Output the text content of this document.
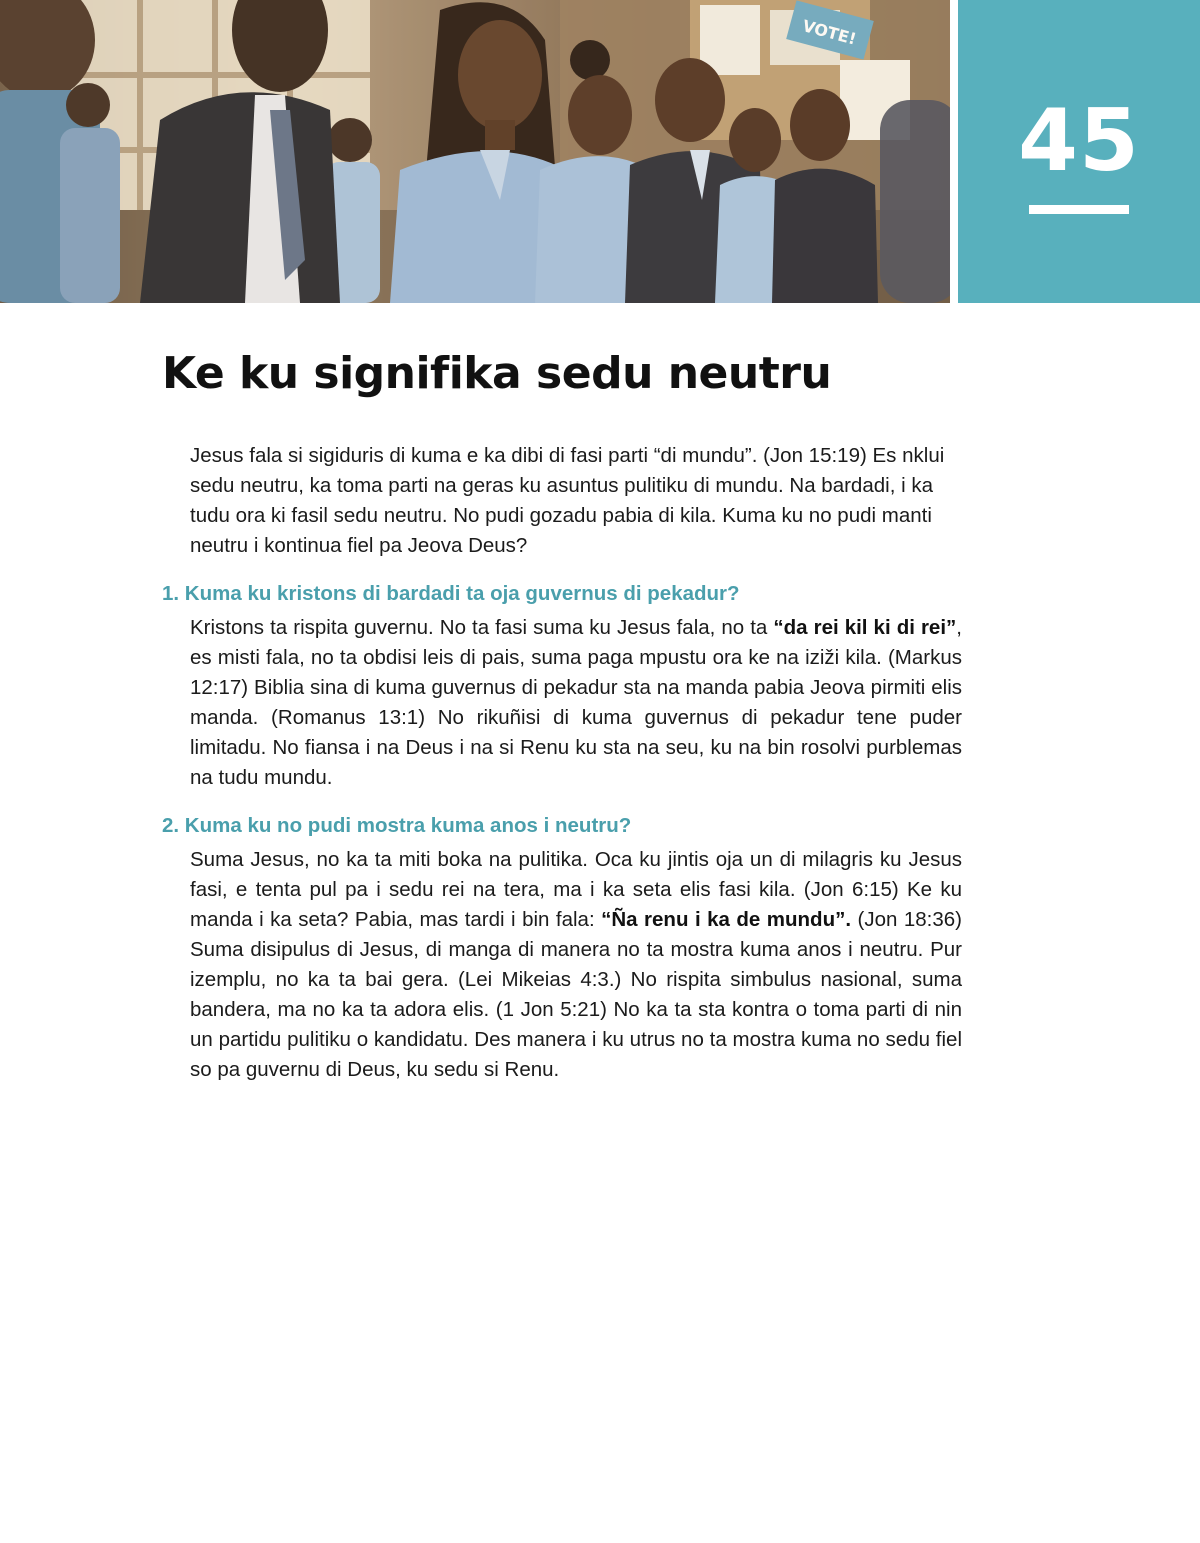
VOTE!
45
Ke ku signifika sedu neutru

Jesus fala si sigiduris di kuma e ka dibi di fasi parti “di mundu”. (Jon 15:19) Es nklui sedu neutru, ka toma parti na geras ku asuntus pulitiku di mundu. Na bardadi, i ka tudu ora ki fasil sedu neutru. No pudi gozadu pabia di kila. Kuma ku no pudi manti neutru i kontinua fiel pa Jeova Deus?

1. Kuma ku kristons di bardadi ta oja guvernus di pekadur?

Kristons ta rispita guvernu. No ta fasi suma ku Jesus fala, no ta “da rei kil ki di rei”, es misti fala, no ta obdisi leis di pais, suma paga mpustu ora ke na iziži kila. (Markus 12:17) Biblia sina di kuma guvernus di pekadur sta na manda pabia Jeova pirmiti elis manda. (Romanus 13:1) No rikuñisi di kuma guvernus di pekadur tene puder limitadu. No fiansa i na Deus i na si Renu ku sta na seu, ku na bin rosolvi purblemas na tudu mundu.

2. Kuma ku no pudi mostra kuma anos i neutru?

Suma Jesus, no ka ta miti boka na pulitika. Oca ku jintis oja un di milagris ku Jesus fasi, e tenta pul pa i sedu rei na tera, ma i ka seta elis fasi kila. (Jon 6:15) Ke ku manda i ka seta? Pabia, mas tardi i bin fala: “Ña renu i ka de mundu”. (Jon 18:36) Suma disipulus di Jesus, di manga di manera no ta mostra kuma anos i neutru. Pur izemplu, no ka ta bai gera. (Lei Mikeias 4:3.) No rispita simbulus nasional, suma bandera, ma no ka ta adora elis. (1 Jon 5:21) No ka ta sta kontra o toma parti di nin un partidu pulitiku o kandidatu. Des manera i ku utrus no ta mostra kuma no sedu fiel so pa guvernu di Deus, ku sedu si Renu.
